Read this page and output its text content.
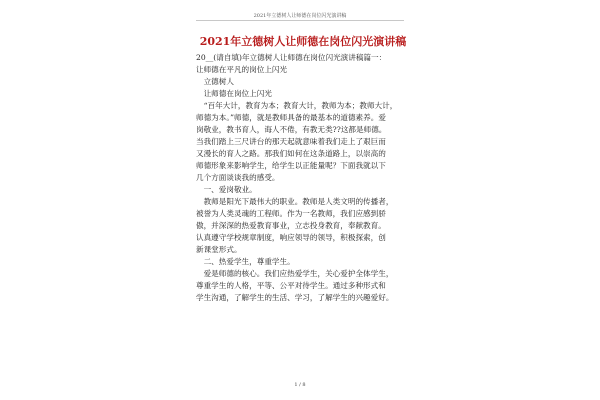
2021年立德树人让师德在岗位闪光演讲稿
2021年立德树人让师德在岗位闪光演讲稿
20__(请自填)年立德树人让师德在岗位闪光演讲稿篇一：
让师德在平凡的岗位上闪光
　立德树人
　让师德在岗位上闪光
　“百年大计，教育为本；教育大计，教师为本；教师大计，
师德为本。”师德，就是教师具备的最基本的道德素养。爱
岗敬业，教书育人，诲人不倦，有教无类??这都是师德。
当我们踏上三尺讲台的那天起就意味着我们走上了艰巨而
又漫长的育人之路。那我们如何在这条道路上，以崇高的
师德形象来影响学生，给学生以正能量呢？下面我就以下
几个方面谈谈我的感受。
　一、爱岗敬业。
　教师是阳光下最伟大的职业。教师是人类文明的传播者，
被誉为人类灵魂的工程师。作为一名教师，我们应感到骄
傲，并深深的热爱教育事业，立志投身教育，奉献教育。
认真遵守学校规章制度，响应领导的领导，积极探索，创
新课堂形式。
　二、热爱学生，尊重学生。
　爱是师德的核心。我们应热爱学生，关心爱护全体学生，
尊重学生的人格，平等、公平对待学生。通过多种形式和
学生沟通，了解学生的生活、学习，了解学生的兴趣爱好。
1 / 8
